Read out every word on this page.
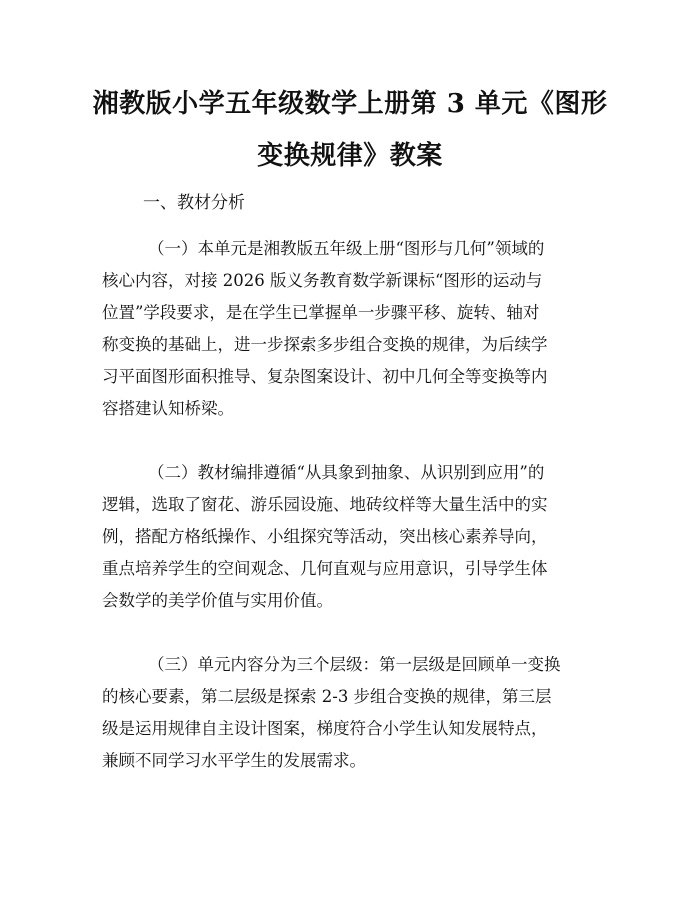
湘教版小学五年级数学上册第 3 单元《图形
变换规律》教案
一、教材分析
（一）本单元是湘教版五年级上册“图形与几何”领域的
核心内容，对接 2026 版义务教育数学新课标“图形的运动与
位置”学段要求，是在学生已掌握单一步骤平移、旋转、轴对
称变换的基础上，进一步探索多步组合变换的规律，为后续学
习平面图形面积推导、复杂图案设计、初中几何全等变换等内
容搭建认知桥梁。
（二）教材编排遵循“从具象到抽象、从识别到应用”的
逻辑，选取了窗花、游乐园设施、地砖纹样等大量生活中的实
例，搭配方格纸操作、小组探究等活动，突出核心素养导向，
重点培养学生的空间观念、几何直观与应用意识，引导学生体
会数学的美学价值与实用价值。
（三）单元内容分为三个层级：第一层级是回顾单一变换
的核心要素，第二层级是探索 2-3 步组合变换的规律，第三层
级是运用规律自主设计图案，梯度符合小学生认知发展特点，
兼顾不同学习水平学生的发展需求。
